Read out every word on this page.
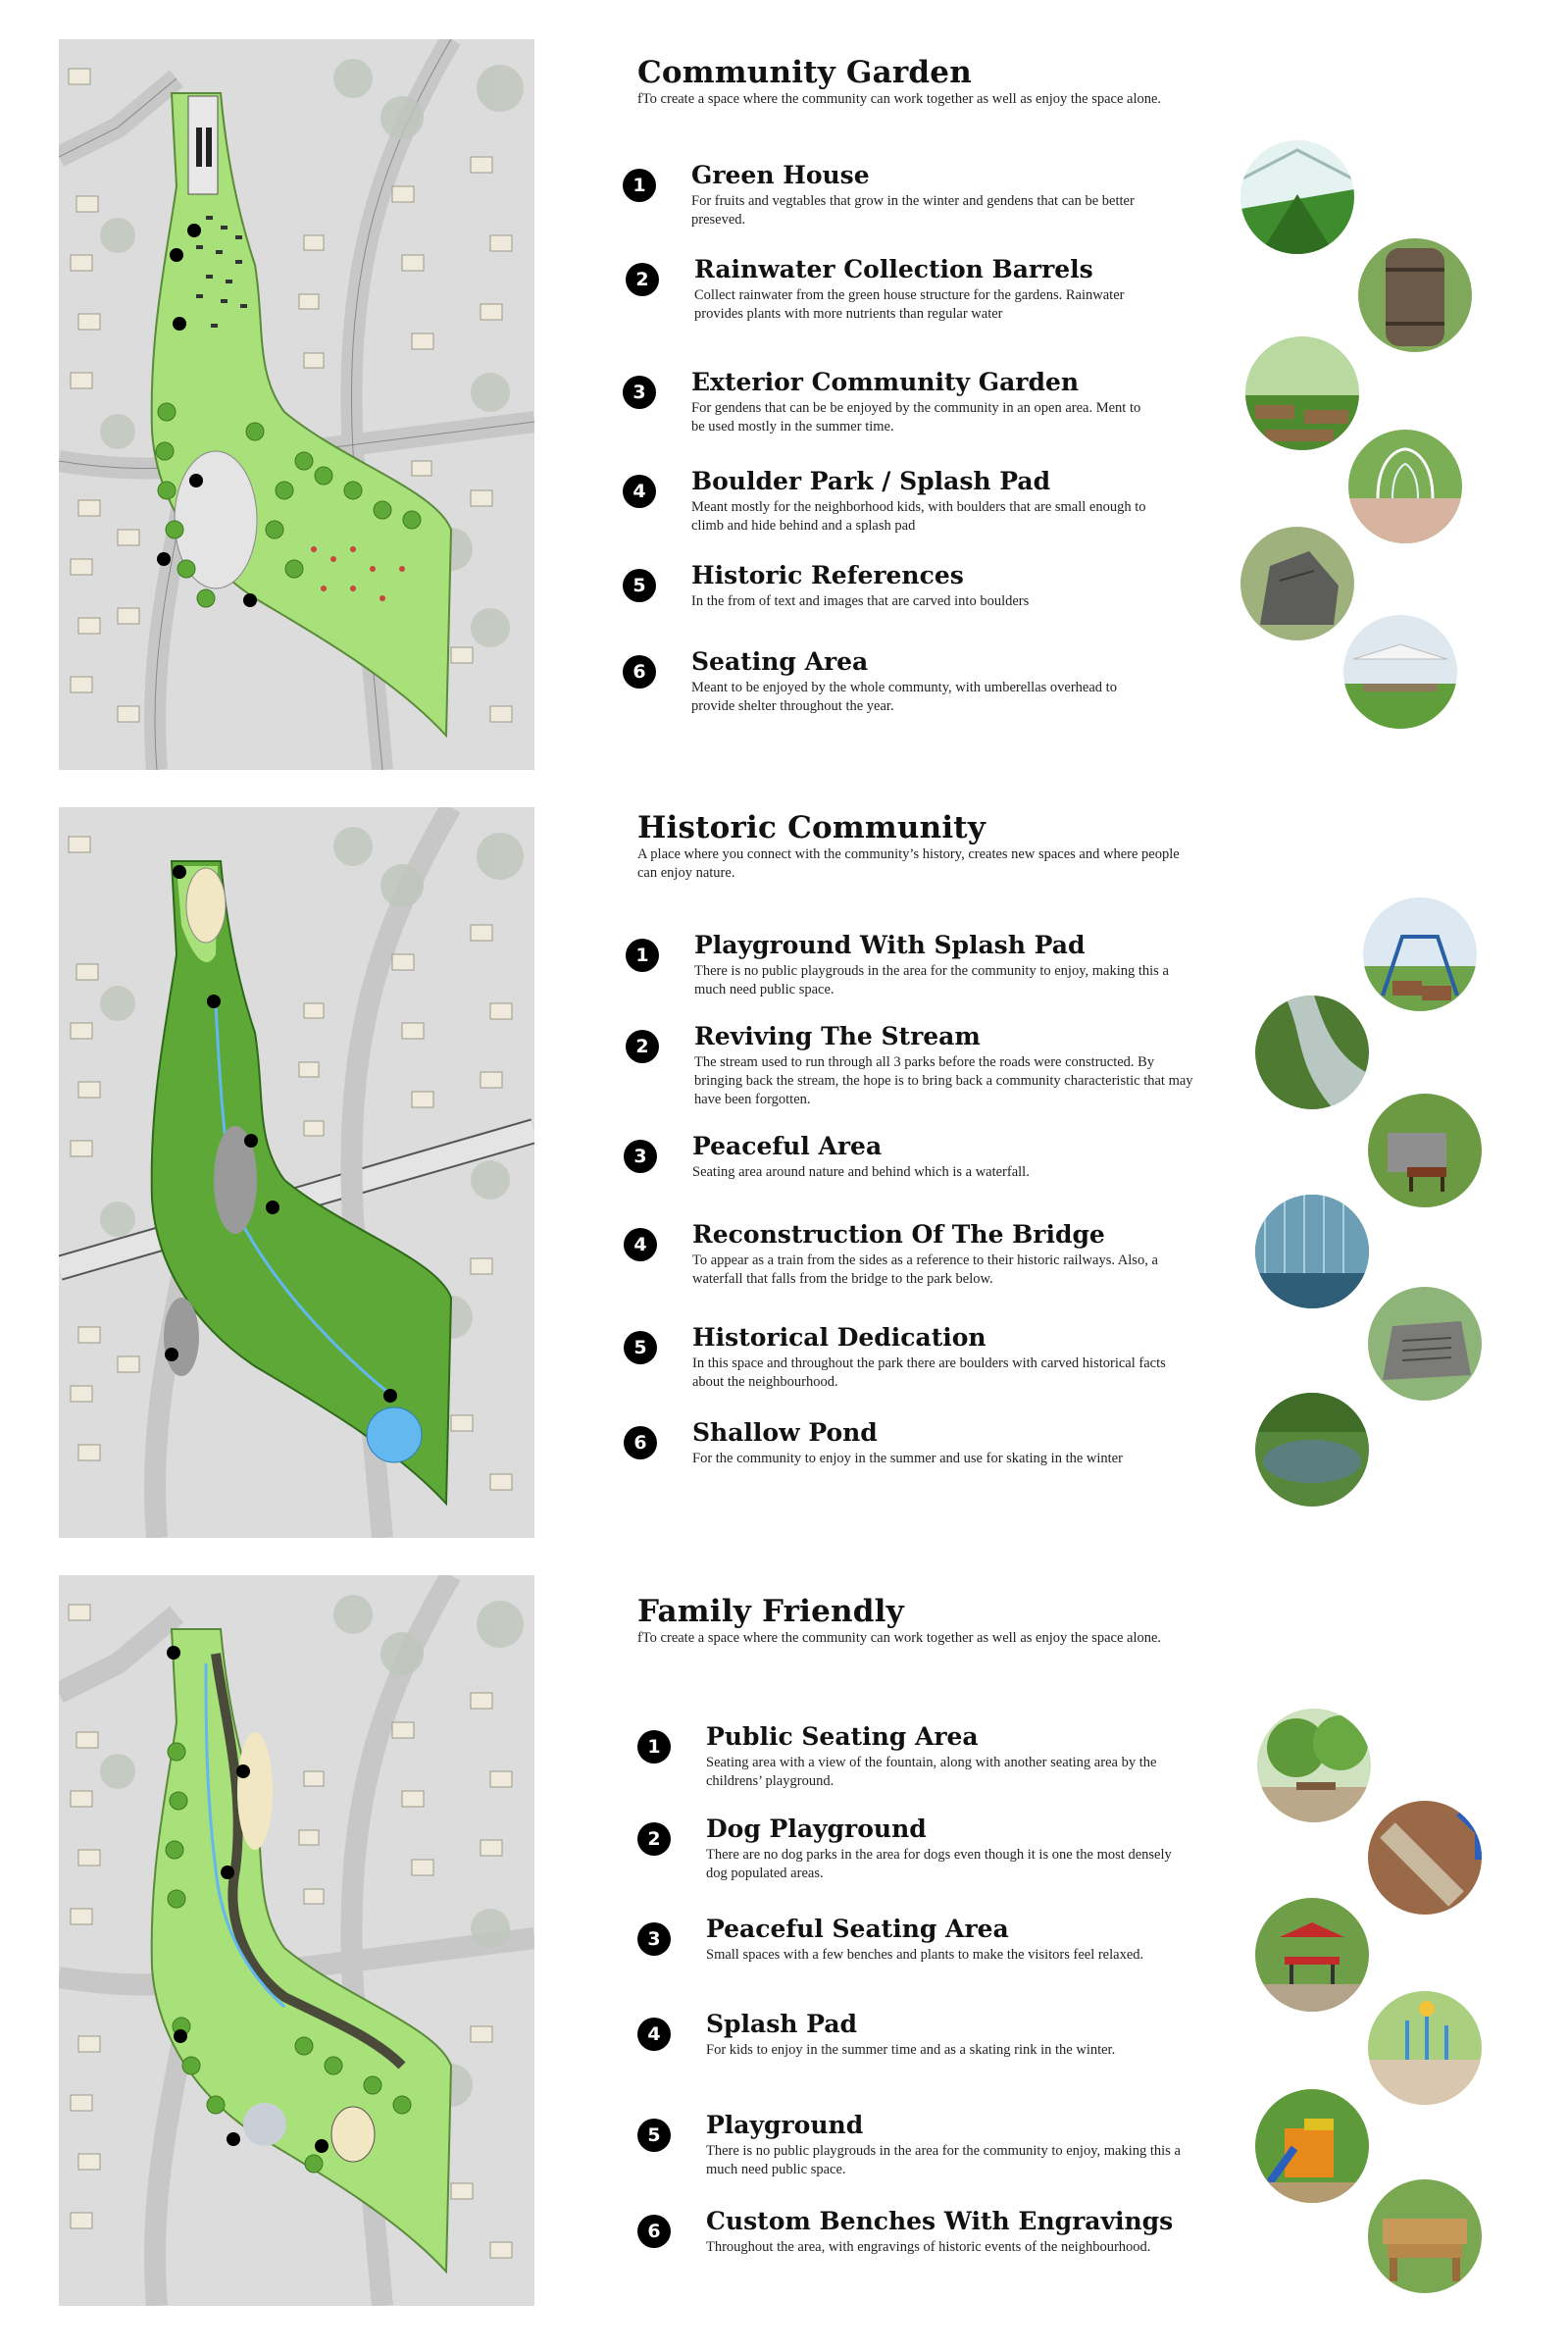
Community Garden
fTo create a space where the community can work together as well as enjoy the space alone.
1	Green House
For fruits and vegtables that grow in the winter and gendens that can be better preseved.
2	Rainwater Collection Barrels
Collect rainwater from the green house structure for the gardens. Rainwater provides plants with more nutrients than regular water
3	Exterior Community Garden
For gendens that can be be enjoyed by the community in an open area. Ment to be used mostly in the summer time.
4	Boulder Park / Splash Pad
Meant mostly for the neighborhood kids, with boulders that are small enough to climb and hide behind and a splash pad
5	Historic References
In the from of text and images that are carved into boulders
6	Seating Area
Meant to be enjoyed by the whole communty, with umberellas overhead to provide shelter throughout the year.
Historic Community
A place where you connect with the community’s history, creates new spaces and where people can enjoy nature.
1	Playground With Splash Pad
There is no public playgrouds in the area for the community to enjoy, making this a much need public space.
2	Reviving The Stream
The stream used to run through all 3 parks before the roads were constructed. By bringing back the stream, the hope is to bring back a community characteristic that may have been forgotten.
3	Peaceful Area
Seating area around nature and behind which is a waterfall.
4	Reconstruction Of The Bridge
To appear as a train from the sides as a reference to their historic railways. Also, a waterfall that falls from the bridge to the park below.
5	Historical Dedication
In this space and throughout the park there are boulders with carved historical facts about the neighbourhood.
6	Shallow Pond
For the community to enjoy in the summer and use for skating in the winter
Family Friendly
fTo create a space where the community can work together as well as enjoy the space alone.
1	Public Seating Area
Seating area with a view of the fountain, along with another seating area by the childrens’ playground.
2	Dog Playground
There are no dog parks in the area for dogs even though it is one the most densely dog populated areas.
3	Peaceful Seating Area
Small spaces with a few benches and plants to make the visitors feel relaxed.
4	Splash Pad
For kids to enjoy in the summer time and as a skating rink in the winter.
5	Playground
There is no public playgrouds in the area for the community to enjoy, making this a much need public space.
6	Custom Benches With Engravings
Throughout the area, with engravings of historic events of the neighbourhood.
